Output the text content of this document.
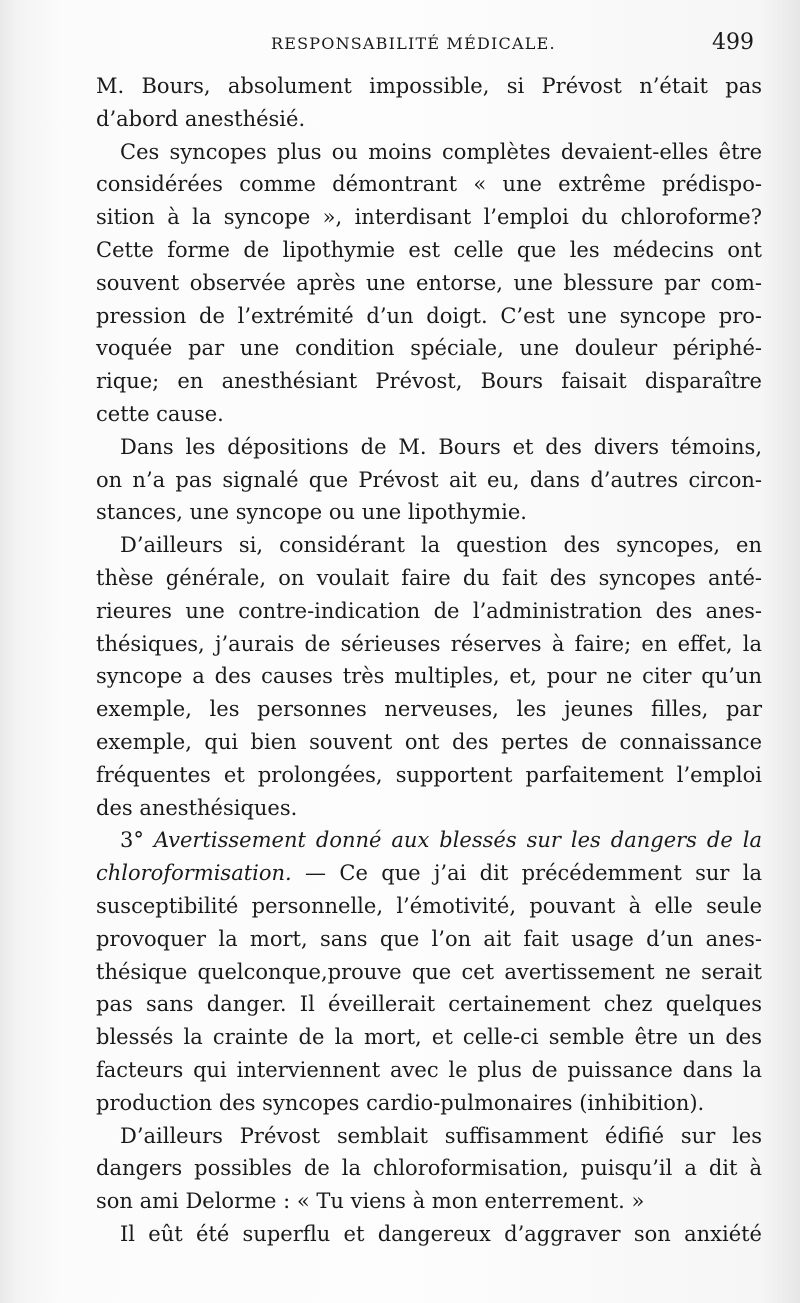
RESPONSABILITÉ MÉDICALE.	499
M. Bours, absolument impossible, si Prévost n’était pas
d’abord anesthésié.
Ces syncopes plus ou moins complètes devaient-elles être
considérées comme démontrant « une extrême prédispo-
sition à la syncope », interdisant l’emploi du chloroforme?
Cette forme de lipothymie est celle que les médecins ont
souvent observée après une entorse, une blessure par com-
pression de l’extrémité d’un doigt. C’est une syncope pro-
voquée par une condition spéciale, une douleur périphé-
rique; en anesthésiant Prévost, Bours faisait disparaître
cette cause.
Dans les dépositions de M. Bours et des divers témoins,
on n’a pas signalé que Prévost ait eu, dans d’autres circon-
stances, une syncope ou une lipothymie.
D’ailleurs si, considérant la question des syncopes, en
thèse générale, on voulait faire du fait des syncopes anté-
rieures une contre-indication de l’administration des anes-
thésiques, j’aurais de sérieuses réserves à faire; en effet, la
syncope a des causes très multiples, et, pour ne citer qu’un
exemple, les personnes nerveuses, les jeunes filles, par
exemple, qui bien souvent ont des pertes de connaissance
fréquentes et prolongées, supportent parfaitement l’emploi
des anesthésiques.
3° Avertissement donné aux blessés sur les dangers de la
chloroformisation. — Ce que j’ai dit précédemment sur la
susceptibilité personnelle, l’émotivité, pouvant à elle seule
provoquer la mort, sans que l’on ait fait usage d’un anes-
thésique quelconque,prouve que cet avertissement ne serait
pas sans danger. Il éveillerait certainement chez quelques
blessés la crainte de la mort, et celle-ci semble être un des
facteurs qui interviennent avec le plus de puissance dans la
production des syncopes cardio-pulmonaires (inhibition).
D’ailleurs Prévost semblait suffisamment édifié sur les
dangers possibles de la chloroformisation, puisqu’il a dit à
son ami Delorme : « Tu viens à mon enterrement. »
Il eût été superflu et dangereux d’aggraver son anxiété
